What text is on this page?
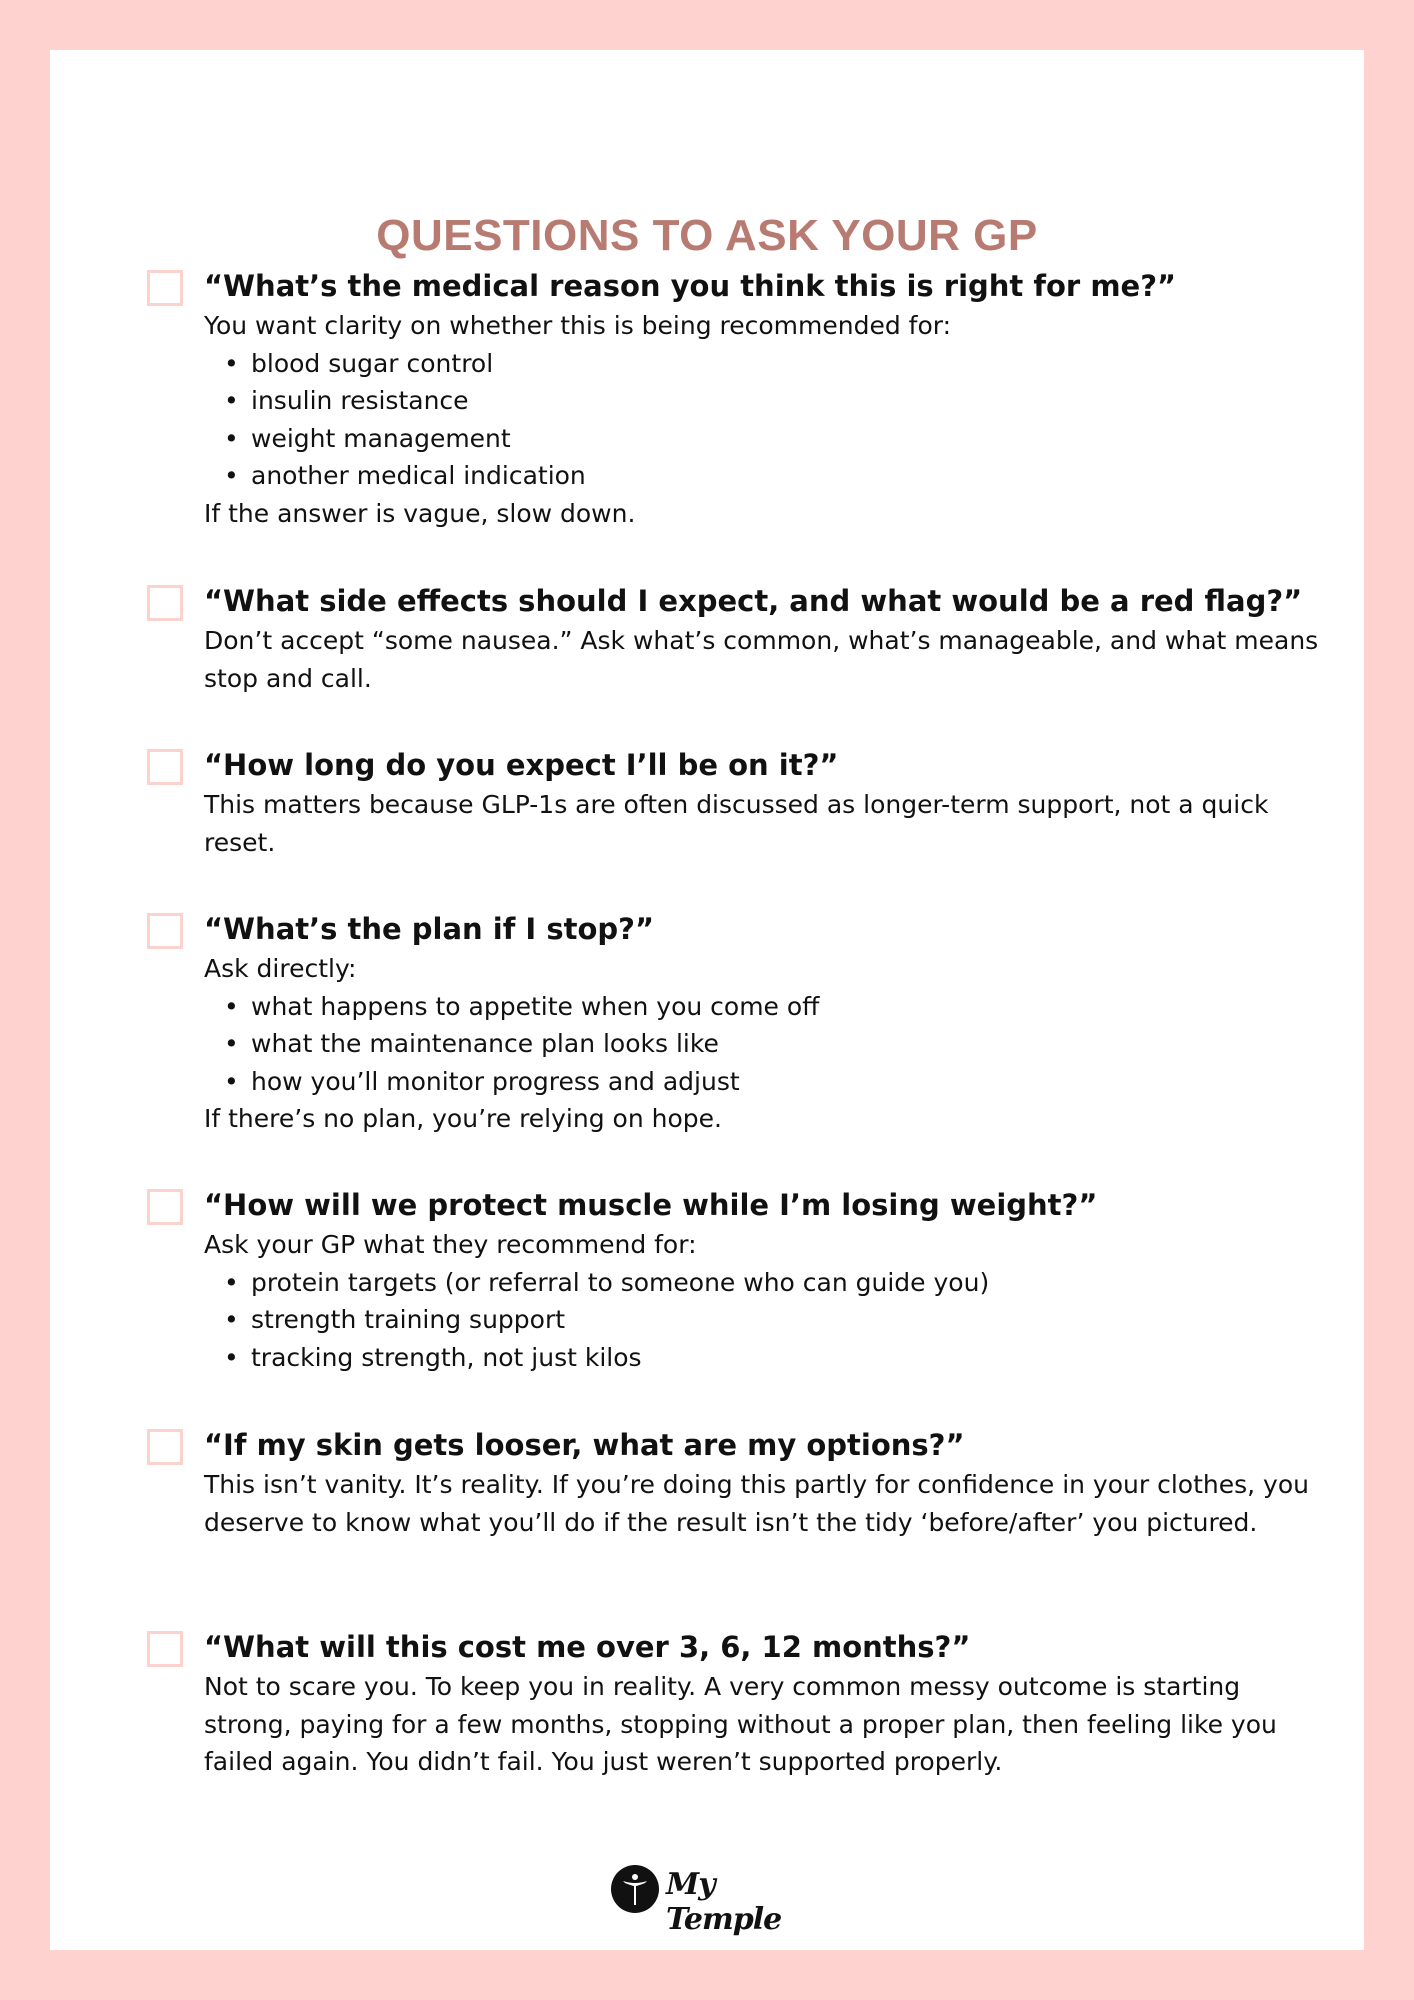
QUESTIONS TO ASK YOUR GP

“What’s the medical reason you think this is right for me?”

You want clarity on whether this is being recommended for:

• blood sugar control
• insulin resistance
• weight management
• another medical indication

If the answer is vague, slow down.

“What side effects should I expect, and what would be a red flag?”

Don’t accept “some nausea.” Ask what’s common, what’s manageable, and what means stop and call.

“How long do you expect I’ll be on it?”

This matters because GLP-1s are often discussed as longer-term support, not a quick reset.

“What’s the plan if I stop?”

Ask directly:

• what happens to appetite when you come off
• what the maintenance plan looks like
• how you’ll monitor progress and adjust

If there’s no plan, you’re relying on hope.

“How will we protect muscle while I’m losing weight?”

Ask your GP what they recommend for:

• protein targets (or referral to someone who can guide you)
• strength training support
• tracking strength, not just kilos

“If my skin gets looser, what are my options?”

This isn’t vanity. It’s reality. If you’re doing this partly for confidence in your clothes, you deserve to know what you’ll do if the result isn’t the tidy ‘before/after’ you pictured.

“What will this cost me over 3, 6, 12 months?”

Not to scare you. To keep you in reality. A very common messy outcome is starting strong, paying for a few months, stopping without a proper plan, then feeling like you failed again. You didn’t fail. You just weren’t supported properly.

My Temple
